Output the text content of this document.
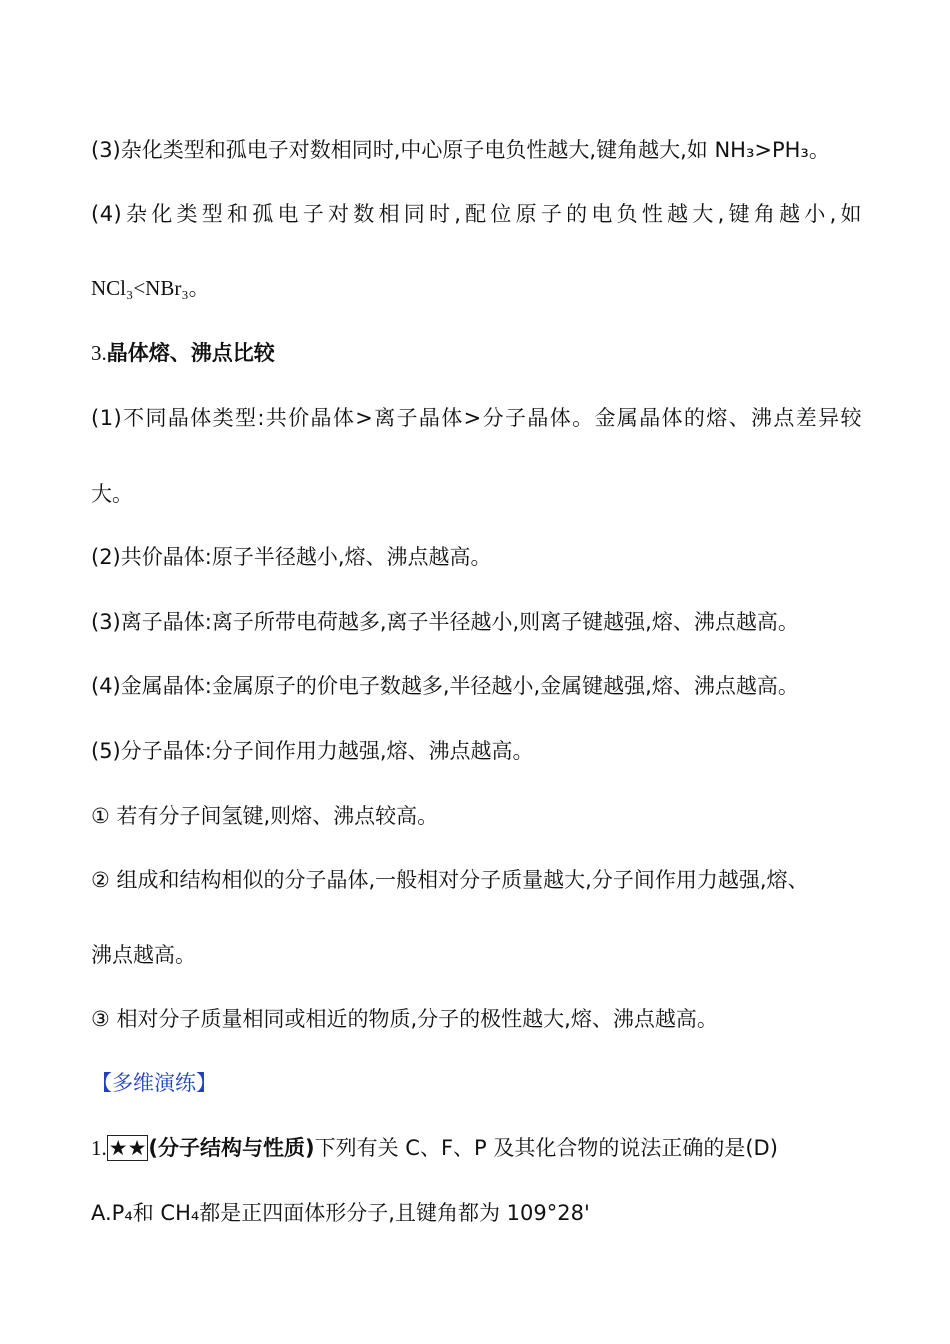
(3)杂化类型和孤电子对数相同时,中心原子电负性越大,键角越大,如 NH₃>PH₃。
(4)杂化类型和孤电子对数相同时,配位原子的电负性越大,键角越小,如
NCl₃<NBr₃。
3.晶体熔、沸点比较
(1)不同晶体类型:共价晶体>离子晶体>分子晶体。金属晶体的熔、沸点差异较
大。
(2)共价晶体:原子半径越小,熔、沸点越高。
(3)离子晶体:离子所带电荷越多,离子半径越小,则离子键越强,熔、沸点越高。
(4)金属晶体:金属原子的价电子数越多,半径越小,金属键越强,熔、沸点越高。
(5)分子晶体:分子间作用力越强,熔、沸点越高。
① 若有分子间氢键,则熔、沸点较高。
② 组成和结构相似的分子晶体,一般相对分子质量越大,分子间作用力越强,熔、
沸点越高。
③ 相对分子质量相同或相近的物质,分子的极性越大,熔、沸点越高。
【多维演练】
1.★★(分子结构与性质)下列有关 C、F、P 及其化合物的说法正确的是(D)
A.P₄和 CH₄都是正四面体形分子,且键角都为 109°28'
